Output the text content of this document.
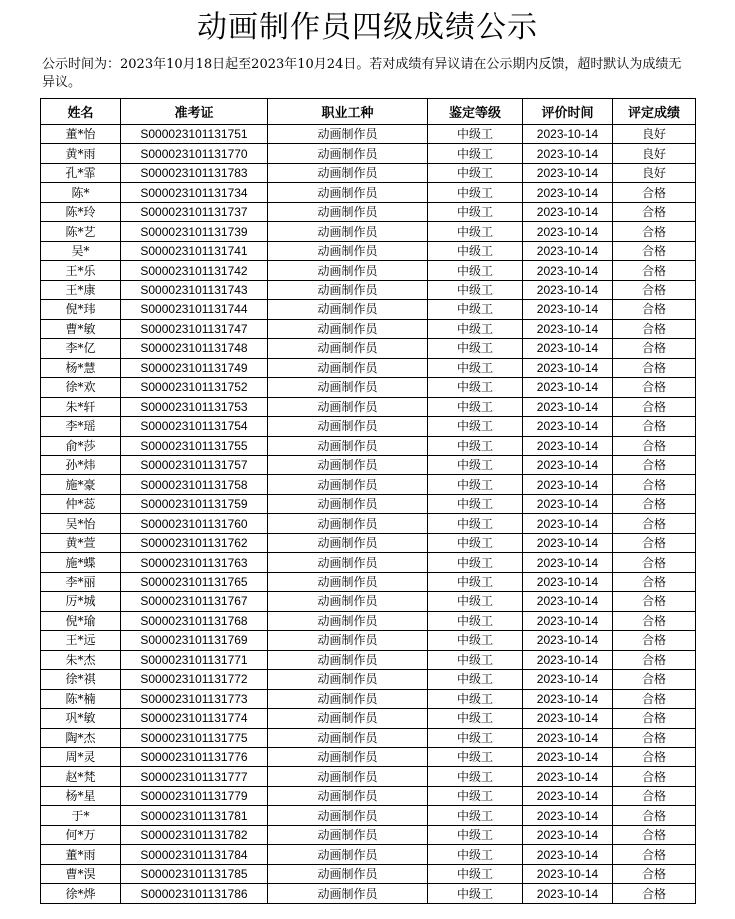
动画制作员四级成绩公示
公示时间为：2023年10月18日起至2023年10月24日。若对成绩有异议请在公示期内反馈，超时默认为成绩无异议。
姓名	准考证	职业工种	鉴定等级	评价时间	评定成绩
董*怡	S000023101131751	动画制作员	中级工	2023-10-14	良好
黄*雨	S000023101131770	动画制作员	中级工	2023-10-14	良好
孔*霏	S000023101131783	动画制作员	中级工	2023-10-14	良好
陈*	S000023101131734	动画制作员	中级工	2023-10-14	合格
陈*玲	S000023101131737	动画制作员	中级工	2023-10-14	合格
陈*艺	S000023101131739	动画制作员	中级工	2023-10-14	合格
吴*	S000023101131741	动画制作员	中级工	2023-10-14	合格
王*乐	S000023101131742	动画制作员	中级工	2023-10-14	合格
王*康	S000023101131743	动画制作员	中级工	2023-10-14	合格
倪*玮	S000023101131744	动画制作员	中级工	2023-10-14	合格
曹*敏	S000023101131747	动画制作员	中级工	2023-10-14	合格
李*亿	S000023101131748	动画制作员	中级工	2023-10-14	合格
杨*慧	S000023101131749	动画制作员	中级工	2023-10-14	合格
徐*欢	S000023101131752	动画制作员	中级工	2023-10-14	合格
朱*轩	S000023101131753	动画制作员	中级工	2023-10-14	合格
李*瑶	S000023101131754	动画制作员	中级工	2023-10-14	合格
俞*莎	S000023101131755	动画制作员	中级工	2023-10-14	合格
孙*炜	S000023101131757	动画制作员	中级工	2023-10-14	合格
施*豪	S000023101131758	动画制作员	中级工	2023-10-14	合格
仲*蕊	S000023101131759	动画制作员	中级工	2023-10-14	合格
吴*怡	S000023101131760	动画制作员	中级工	2023-10-14	合格
黄*萱	S000023101131762	动画制作员	中级工	2023-10-14	合格
施*蝶	S000023101131763	动画制作员	中级工	2023-10-14	合格
李*丽	S000023101131765	动画制作员	中级工	2023-10-14	合格
厉*城	S000023101131767	动画制作员	中级工	2023-10-14	合格
倪*瑜	S000023101131768	动画制作员	中级工	2023-10-14	合格
王*远	S000023101131769	动画制作员	中级工	2023-10-14	合格
朱*杰	S000023101131771	动画制作员	中级工	2023-10-14	合格
徐*祺	S000023101131772	动画制作员	中级工	2023-10-14	合格
陈*楠	S000023101131773	动画制作员	中级工	2023-10-14	合格
巩*敏	S000023101131774	动画制作员	中级工	2023-10-14	合格
陶*杰	S000023101131775	动画制作员	中级工	2023-10-14	合格
周*灵	S000023101131776	动画制作员	中级工	2023-10-14	合格
赵*梵	S000023101131777	动画制作员	中级工	2023-10-14	合格
杨*星	S000023101131779	动画制作员	中级工	2023-10-14	合格
于*	S000023101131781	动画制作员	中级工	2023-10-14	合格
何*万	S000023101131782	动画制作员	中级工	2023-10-14	合格
董*雨	S000023101131784	动画制作员	中级工	2023-10-14	合格
曹*淏	S000023101131785	动画制作员	中级工	2023-10-14	合格
徐*烨	S000023101131786	动画制作员	中级工	2023-10-14	合格
